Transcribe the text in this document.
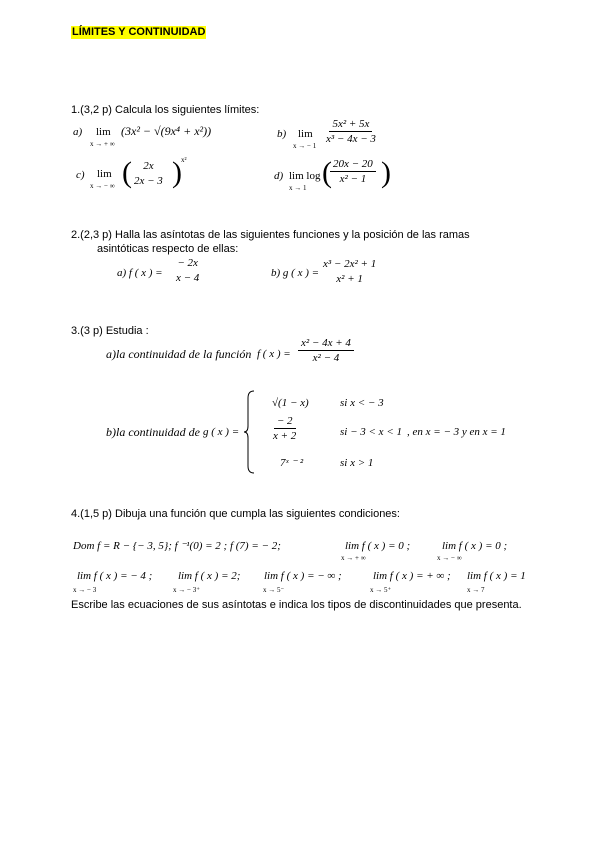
LÍMITES Y CONTINUIDAD
1.(3,2 p) Calcula los siguientes límites:
a) lim
x → + ∞
(3x² − √(9x⁴ + x²))	b) lim
x → − 1
$\frac{\text{5x² + 5x}}{\text{x³ − 4x − 3}}$
c) lim
x → − ∞ ( 2x
2x − 3 ) x²
d) lim log
x → 1 (
$\frac{20x - 20}{\text{x² − 1}}$ )
2.(2,3 p) Halla las asíntotas de las siguientes funciones y la posición de las ramas
asintóticas respecto de ellas:
a) f ( x ) =
− 2x
x − 4	b) g ( x ) =
x³ − 2x² + 1
x² + 1
3.(3 p) Estudia :
a)la continuidad de la función f ( x ) = $\frac{\text{x² − 4x + 4}}{\text{x² − 4}}$
b)la continuidad de g ( x ) =
√(1 − x)	si x < − 3
$\frac{- 2}{x + 2}$	si − 3 < x < 1 , en x = − 3 y en x = 1
7ˣ ⁻ ²	si x > 1
4.(1,5 p) Dibuja una función que cumpla las siguientes condiciones:
Dom f = R − {− 3, 5}; f ⁻¹(0) = 2 ; f (7) = − 2;	lim f ( x ) = 0 ;
x → + ∞
lim f ( x ) = 0 ;
x → − ∞
lim f ( x ) = − 4 ;
x → − 3
lim f ( x ) = 2;
x → − 3⁺
lim f ( x ) = − ∞ ;
x → 5⁻
lim f ( x ) = + ∞ ;
x → 5⁺
lim f ( x ) = 1
x → 7
Escribe las ecuaciones de sus asíntotas e indica los tipos de discontinuidades que presenta.
